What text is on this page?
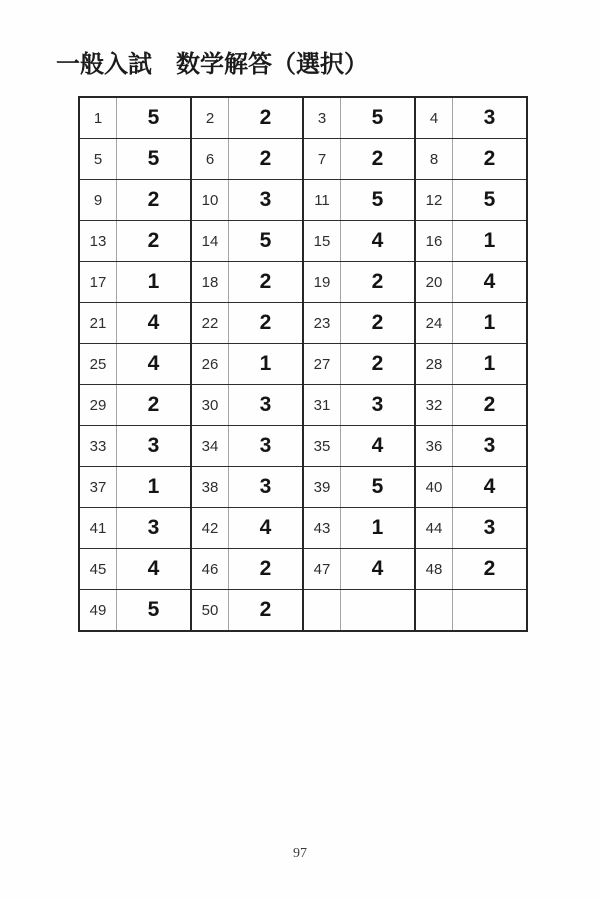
一般入試　数学解答（選択）
1	5	2	2	3	5	4	3
5	5	6	2	7	2	8	2
9	2	10	3	11	5	12	5
13	2	14	5	15	4	16	1
17	1	18	2	19	2	20	4
21	4	22	2	23	2	24	1
25	4	26	1	27	2	28	1
29	2	30	3	31	3	32	2
33	3	34	3	35	4	36	3
37	1	38	3	39	5	40	4
41	3	42	4	43	1	44	3
45	4	46	2	47	4	48	2
49	5	50	2				
97
